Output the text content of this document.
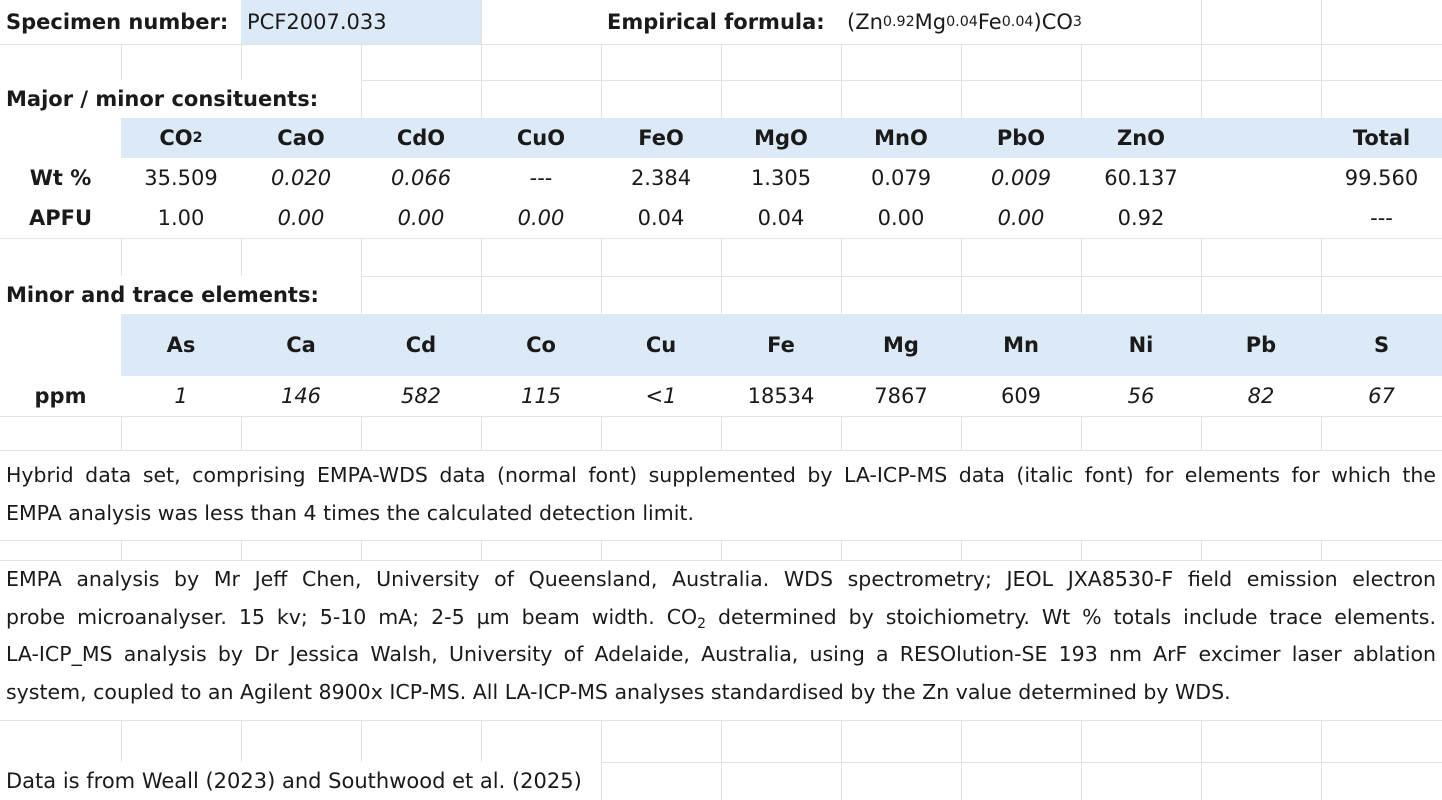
Specimen number: PCF2007.033	Empirical formula: (Zn 0.92 Mg 0.04 Fe 0.04 )CO 3
Major / minor consituents:
CO 2	CaO	CdO	CuO	FeO	MgO	MnO	PbO	ZnO	Total
Wt %	35.509	0.020	0.066	---	2.384	1.305	0.079	0.009	60.137	99.560
APFU	1.00	0.00	0.00	0.00	0.04	0.04	0.00	0.00	0.92	---
Minor and trace elements:
As	Ca	Cd	Co	Cu	Fe	Mg	Mn	Ni	Pb	S
ppm	1	146	582	115	<1	18534	7867	609	56	82	67

Hybrid data set, comprising EMPA-WDS data (normal font) supplemented by LA-ICP-MS data (italic font) for elements for which the

EMPA analysis was less than 4 times the calculated detection limit.

EMPA analysis by Mr Jeff Chen, University of Queensland, Australia. WDS spectrometry; JEOL JXA8530-F field emission electron

probe microanalyser. 15 kv; 5-10 mA; 2-5 µm beam width. $CO_2$ determined by stoichiometry. Wt % totals include trace elements.

LA-ICP_MS analysis by Dr Jessica Walsh, University of Adelaide, Australia, using a RESOlution-SE 193 nm ArF excimer laser ablation

system, coupled to an Agilent 8900x ICP-MS. All LA-ICP-MS analyses standardised by the Zn value determined by WDS.

Data is from Weall (2023) and Southwood et al. (2025)
